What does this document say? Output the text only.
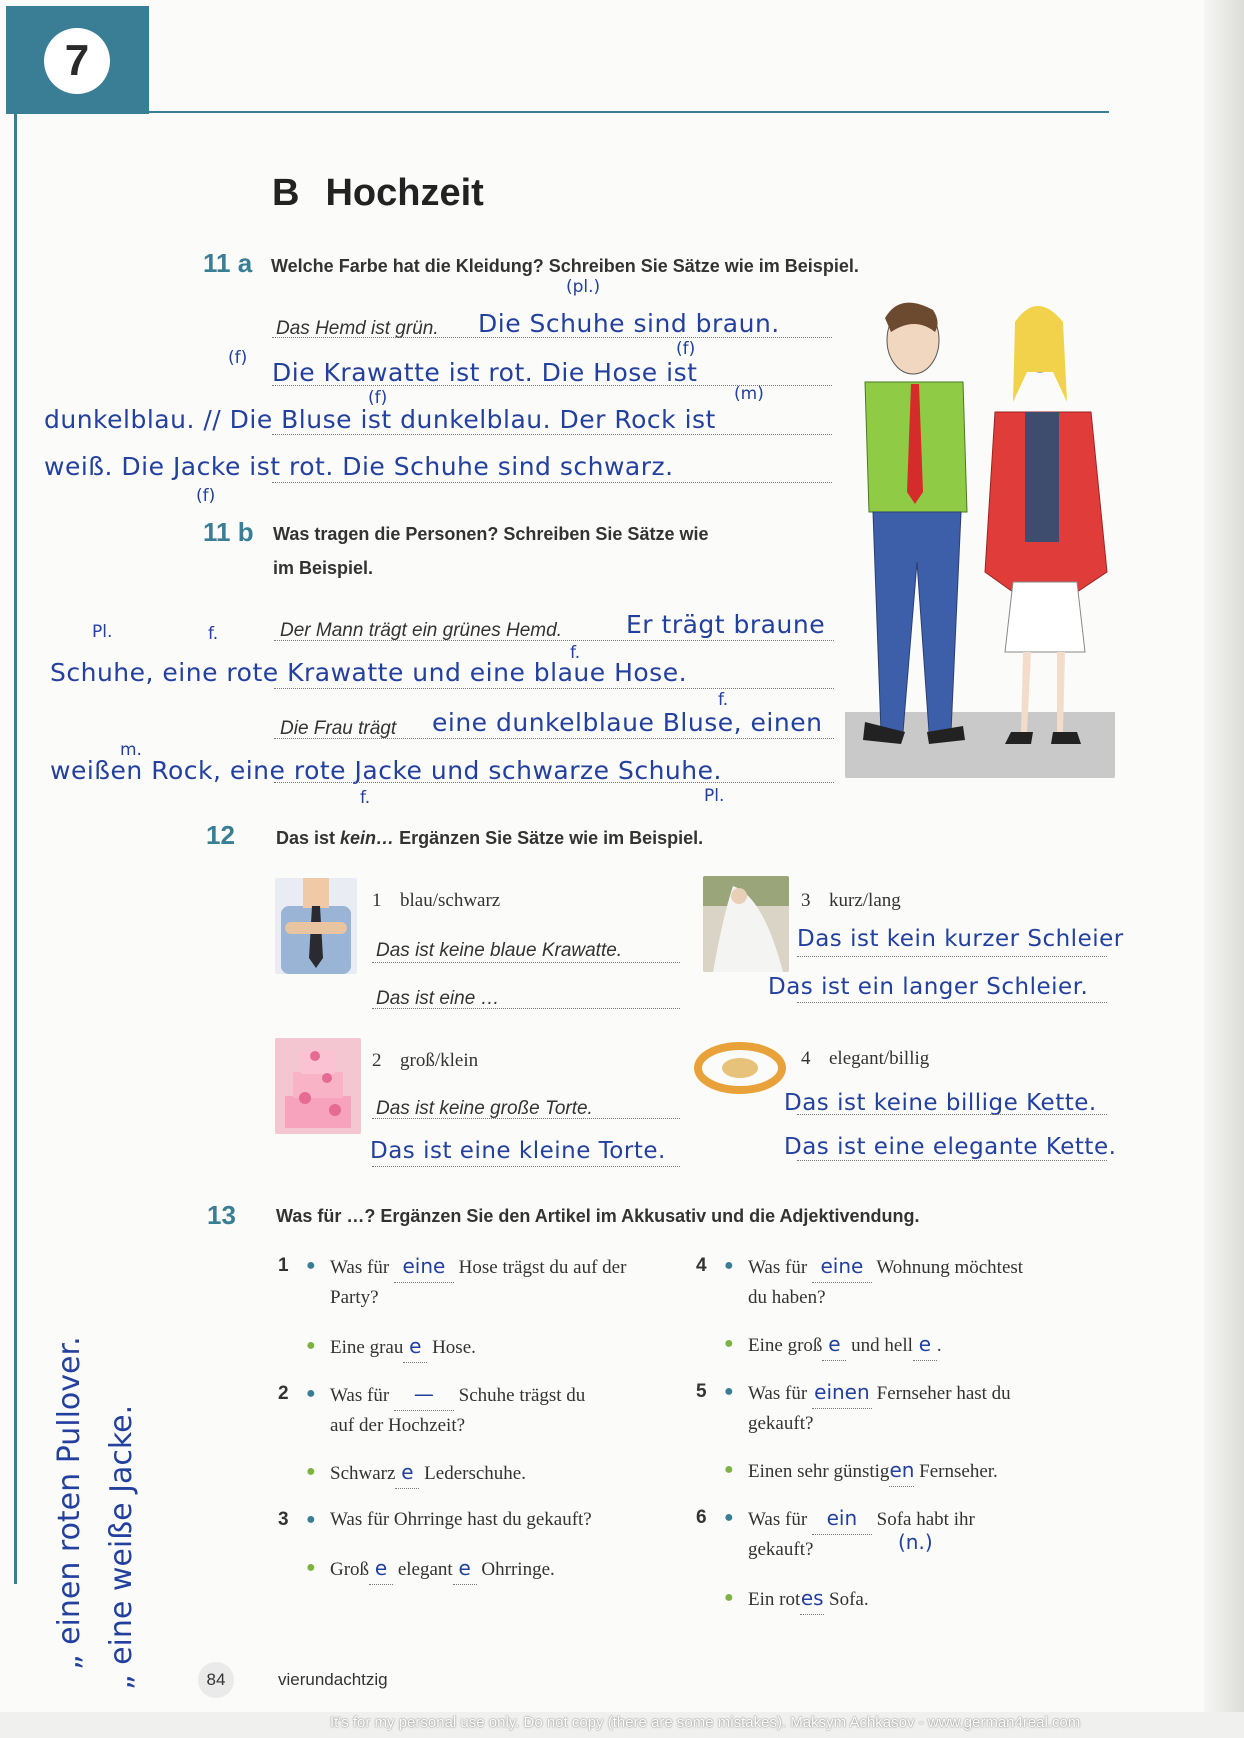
7
B Hochzeit
11 a Welche Farbe hat die Kleidung? Schreiben Sie Sätze wie im Beispiel.
(pl.)
Das Hemd ist grün. Die Schuhe sind braun.
(f)	(f)
Die Krawatte ist rot. Die Hose ist
(f)	(m)
dunkelblau. // Die Bluse ist dunkelblau. Der Rock ist
weiß. Die Jacke ist rot. Die Schuhe sind schwarz.
(f)
11 b Was tragen die Personen? Schreiben Sie Sätze wie
im Beispiel.
Pl.	f.	Der Mann trägt ein grünes Hemd.	Er trägt braune
f.
Schuhe, eine rote Krawatte und eine blaue Hose.
f.
Die Frau trägt eine dunkelblaue Bluse, einen
m.
weißen Rock, eine rote Jacke und schwarze Schuhe.
f.	Pl.
12 Das ist kein… Ergänzen Sie Sätze wie im Beispiel.
1 blau/schwarz
Das ist keine blaue Krawatte.
Das ist eine …
2 groß/klein
Das ist keine große Torte.
Das ist eine kleine Torte.
3 kurz/lang
Das ist kein kurzer Schleier
Das ist ein langer Schleier.
4 elegant/billig
Das ist keine billige Kette.
Das ist eine elegante Kette.
13 Was für …? Ergänzen Sie den Artikel im Akkusativ und die Adjektivendung.
1 ● Was für eine Hose trägst du auf der
Party?
● Eine grau e Hose.
2 ● Was für — Schuhe trägst du
auf der Hochzeit?
● Schwarz e Lederschuhe.
3 ● Was für Ohrringe hast du gekauft?
● Groß e elegant e Ohrringe.
4 ● Was für eine Wohnung möchtest
du haben?
● Eine groß e und hell e .
5 ● Was für einen Fernseher hast du
gekauft?
● Einen sehr günstigen Fernseher.
6 ● Was für ein Sofa habt ihr
gekauft?	(n.)
● Ein rotes Sofa.
„ einen roten Pullover. „ eine weiße Jacke.	84	vierundachtzig
It's for my personal use only. Do not copy (there are some mistakes). Maksym Achkasov - www.german4real.com
